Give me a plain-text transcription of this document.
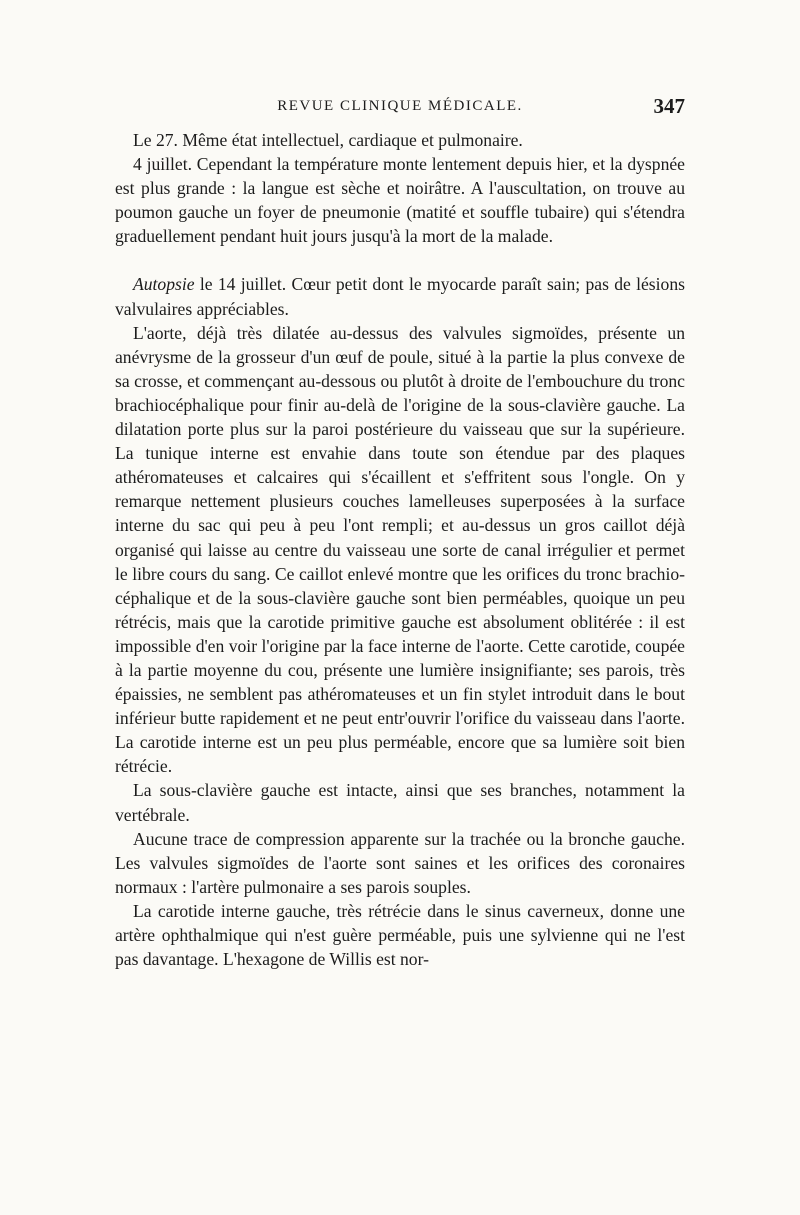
REVUE CLINIQUE MÉDICALE.	347

Le 27. Même état intellectuel, cardiaque et pulmonaire.

4 juillet. Cependant la température monte lentement depuis hier, et la dyspnée est plus grande : la langue est sèche et noirâtre. A l'auscultation, on trouve au poumon gauche un foyer de pneumonie (matité et souffle tubaire) qui s'étendra graduellement pendant huit jours jusqu'à la mort de la malade.

Autopsie le 14 juillet. Cœur petit dont le myocarde paraît sain; pas de lésions valvulaires appréciables.

L'aorte, déjà très dilatée au-dessus des valvules sigmoïdes, présente un anévrysme de la grosseur d'un œuf de poule, situé à la partie la plus convexe de sa crosse, et commençant au-dessous ou plutôt à droite de l'embouchure du tronc brachiocéphalique pour finir au-delà de l'origine de la sous-clavière gauche. La dilatation porte plus sur la paroi postérieure du vaisseau que sur la supérieure. La tunique interne est envahie dans toute son étendue par des plaques athéromateuses et calcaires qui s'écaillent et s'effritent sous l'ongle. On y remarque nettement plusieurs couches lamelleuses superposées à la surface interne du sac qui peu à peu l'ont rempli; et au-dessus un gros caillot déjà organisé qui laisse au centre du vaisseau une sorte de canal irrégulier et permet le libre cours du sang. Ce caillot enlevé montre que les orifices du tronc brachio-céphalique et de la sous-clavière gauche sont bien perméables, quoique un peu rétrécis, mais que la carotide primitive gauche est absolument oblitérée : il est impossible d'en voir l'origine par la face interne de l'aorte. Cette carotide, coupée à la partie moyenne du cou, présente une lumière insignifiante; ses parois, très épaissies, ne semblent pas athéromateuses et un fin stylet introduit dans le bout inférieur butte rapidement et ne peut entr'ouvrir l'orifice du vaisseau dans l'aorte. La carotide interne est un peu plus perméable, encore que sa lumière soit bien rétrécie.

La sous-clavière gauche est intacte, ainsi que ses branches, notamment la vertébrale.

Aucune trace de compression apparente sur la trachée ou la bronche gauche. Les valvules sigmoïdes de l'aorte sont saines et les orifices des coronaires normaux : l'artère pulmonaire a ses parois souples.

La carotide interne gauche, très rétrécie dans le sinus caverneux, donne une artère ophthalmique qui n'est guère perméable, puis une sylvienne qui ne l'est pas davantage. L'hexagone de Willis est nor-
